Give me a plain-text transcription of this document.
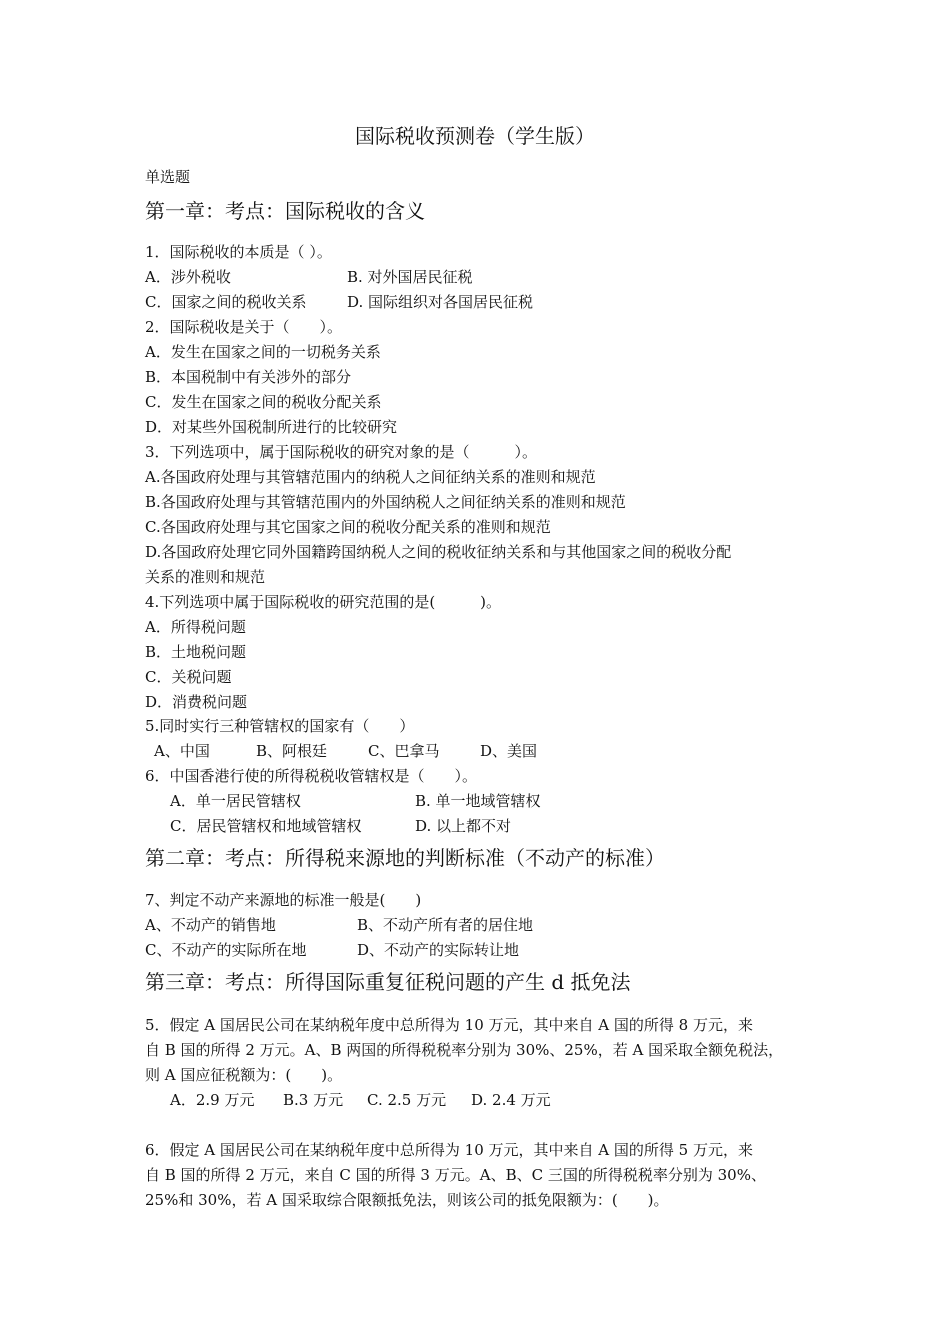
国际税收预测卷（学生版）
单选题
第一章：考点：国际税收的含义
1．国际税收的本质是（ ）。
A．涉外税收	B. 对外国居民征税
C．国家之间的税收关系	D. 国际组织对各国居民征税
2．国际税收是关于（　　）。
A．发生在国家之间的一切税务关系
B．本国税制中有关涉外的部分
C．发生在国家之间的税收分配关系
D．对某些外国税制所进行的比较研究
3．下列选项中，属于国际税收的研究对象的是（　　　）。
A.各国政府处理与其管辖范围内的纳税人之间征纳关系的准则和规范
B.各国政府处理与其管辖范围内的外国纳税人之间征纳关系的准则和规范
C.各国政府处理与其它国家之间的税收分配关系的准则和规范
D.各国政府处理它同外国籍跨国纳税人之间的税收征纳关系和与其他国家之间的税收分配
关系的准则和规范
4.下列选项中属于国际税收的研究范围的是(　　　)。
A．所得税问题
B．土地税问题
C．关税问题
D．消费税问题
5.同时实行三种管辖权的国家有（　　）
A、中国	B、阿根廷	C、巴拿马	D、美国
6．中国香港行使的所得税税收管辖权是（　　）。
A．单一居民管辖权	B. 单一地域管辖权
C．居民管辖权和地域管辖权	D. 以上都不对
第二章：考点：所得税来源地的判断标准（不动产的标准）
7、判定不动产来源地的标准一般是(　　)
A、不动产的销售地	B、不动产所有者的居住地
C、不动产的实际所在地	D、不动产的实际转让地
第三章：考点：所得国际重复征税问题的产生 d 抵免法
5．假定 A 国居民公司在某纳税年度中总所得为 10 万元，其中来自 A 国的所得 8 万元，来
自 B 国的所得 2 万元。A、B 两国的所得税税率分别为 30%、25%，若 A 国采取全额免税法，
则 A 国应征税额为：(　　)。
A．2.9 万元 B.3 万元 C. 2.5 万元 D. 2.4 万元
6．假定 A 国居民公司在某纳税年度中总所得为 10 万元，其中来自 A 国的所得 5 万元，来
自 B 国的所得 2 万元，来自 C 国的所得 3 万元。A、B、C 三国的所得税税率分别为 30%、
25%和 30%，若 A 国采取综合限额抵免法，则该公司的抵免限额为：(　　)。
